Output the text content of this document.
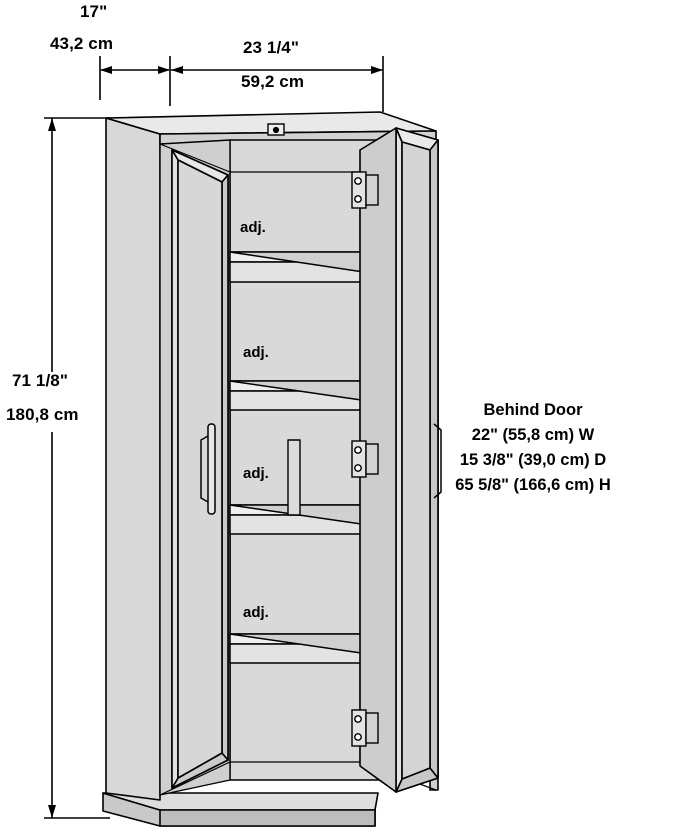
17"
43,2 cm	23 1/4"
59,2 cm
71 1/8"
180,8 cm
adj.
adj.
adj.
adj.
Behind Door
22" (55,8 cm) W
15 3/8" (39,0 cm) D
65 5/8" (166,6 cm) H
